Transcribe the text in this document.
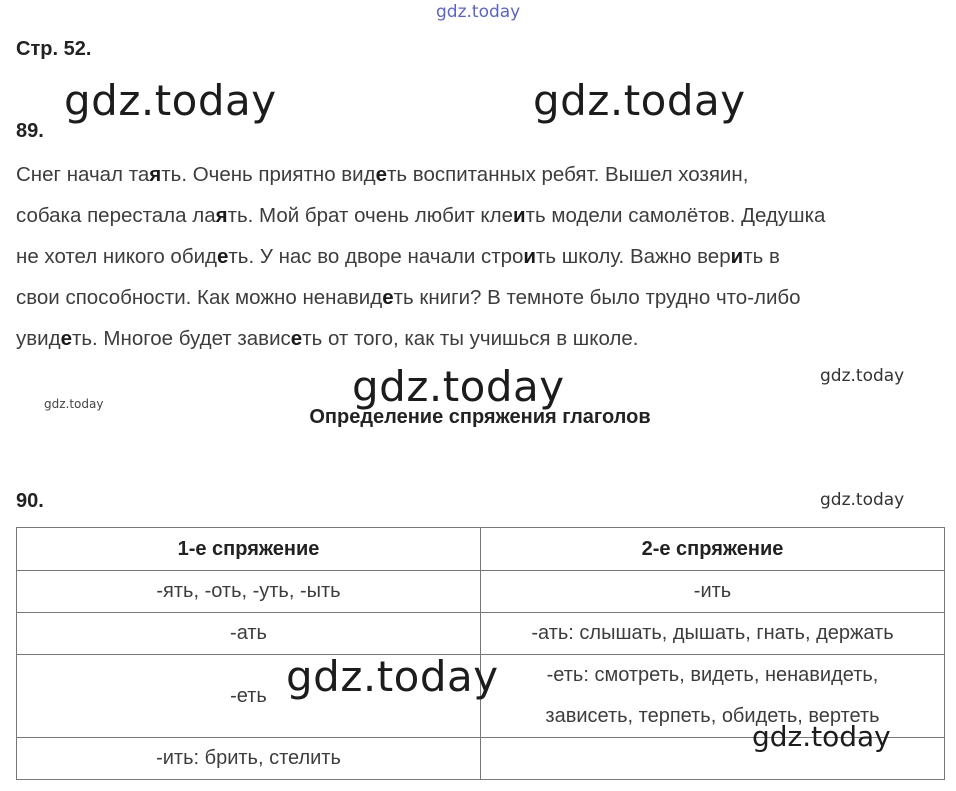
gdz.today
Стр. 52.
gdz.today	gdz.today
89.

Снег начал таять. Очень приятно видеть воспитанных ребят. Вышел хозяин,
собака перестала лаять. Мой брат очень любит клеить модели самолётов. Дедушка
не хотел никого обидеть. У нас во дворе начали строить школу. Важно верить в
свои способности. Как можно ненавидеть книги? В темноте было трудно что-либо
увидеть. Многое будет зависеть от того, как ты учишься в школе.

gdz.today	gdz.today
gdz.today
Определение спряжения глаголов
90.	gdz.today
1-е спряжение	2-е спряжение
-ять, -оть, -уть, -ыть	-ить
-ать	-ать: слышать, дышать, гнать, держать
-еть	-еть: смотреть, видеть, ненавидеть,
зависеть, терпеть, обидеть, вертеть

-ить: брить, стелить	
gdz.today
gdz.today
